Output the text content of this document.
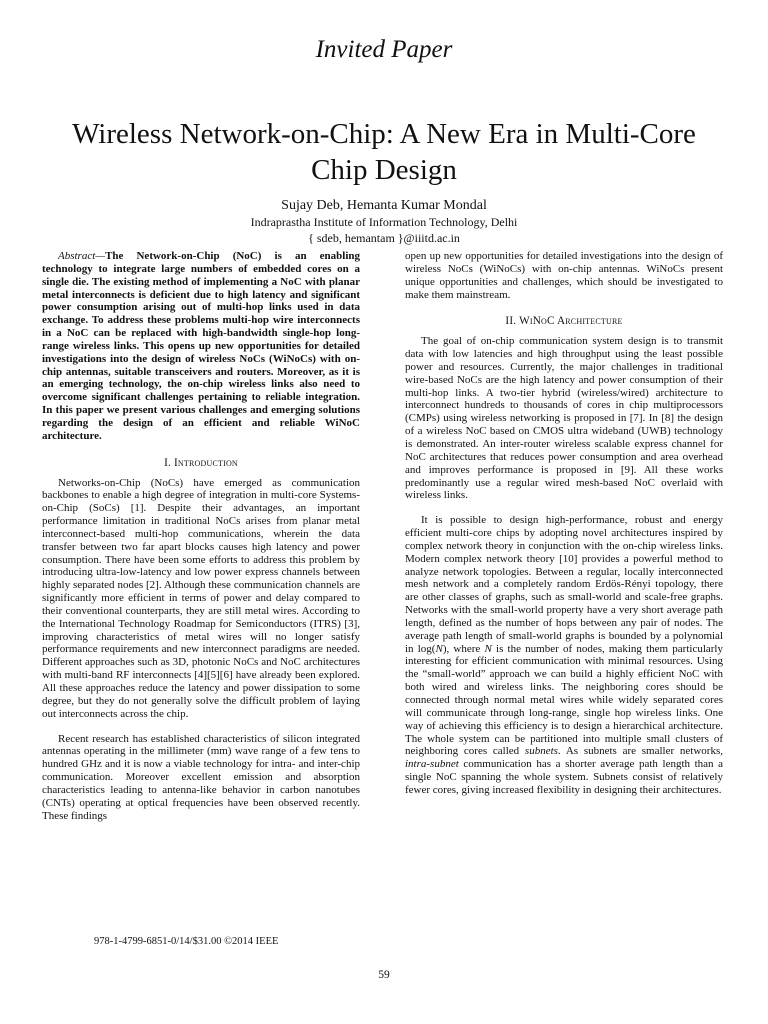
Invited Paper
Wireless Network-on-Chip: A New Era in Multi-Core Chip Design
Sujay Deb, Hemanta Kumar Mondal
Indraprastha Institute of Information Technology, Delhi
{ sdeb, hemantam }@iiitd.ac.in

Abstract—The Network-on-Chip (NoC) is an enabling technology to integrate large numbers of embedded cores on a single die. The existing method of implementing a NoC with planar metal interconnects is deficient due to high latency and significant power consumption arising out of multi-hop links used in data exchange. To address these problems multi-hop wire interconnects in a NoC can be replaced with high-bandwidth single-hop long-range wireless links. This opens up new opportunities for detailed investigations into the design of wireless NoCs (WiNoCs) with on-chip antennas, suitable transceivers and routers. Moreover, as it is an emerging technology, the on-chip wireless links also need to overcome significant challenges pertaining to reliable integration. In this paper we present various challenges and emerging solutions regarding the design of an efficient and reliable WiNoC architecture.

I. Introduction

Networks-on-Chip (NoCs) have emerged as communication backbones to enable a high degree of integration in multi-core Systems-on-Chip (SoCs) [1]. Despite their advantages, an important performance limitation in traditional NoCs arises from planar metal interconnect-based multi-hop communications, wherein the data transfer between two far apart blocks causes high latency and power consumption. There have been some efforts to address this problem by introducing ultra-low-latency and low power express channels between highly separated nodes [2]. Although these communication channels are significantly more efficient in terms of power and delay compared to their conventional counterparts, they are still metal wires. According to the International Technology Roadmap for Semiconductors (ITRS) [3], improving characteristics of metal wires will no longer satisfy performance requirements and new interconnect paradigms are needed. Different approaches such as 3D, photonic NoCs and NoC architectures with multi-band RF interconnects [4][5][6] have already been explored. All these approaches reduce the latency and power dissipation to some degree, but they do not generally solve the difficult problem of laying out interconnects across the chip.

Recent research has established characteristics of silicon integrated antennas operating in the millimeter (mm) wave range of a few tens to hundred GHz and it is now a viable technology for intra- and inter-chip communication. Moreover excellent emission and absorption characteristics leading to antenna-like behavior in carbon nanotubes (CNTs) operating at optical frequencies have been observed recently. These findings

open up new opportunities for detailed investigations into the design of wireless NoCs (WiNoCs) with on-chip antennas. WiNoCs present unique opportunities and challenges, which should be investigated to make them mainstream.

II. WiNoC Architecture

The goal of on-chip communication system design is to transmit data with low latencies and high throughput using the least possible power and resources. Currently, the major challenges in traditional wire-based NoCs are the high latency and power consumption of their multi-hop links. A two-tier hybrid (wireless/wired) architecture to interconnect hundreds to thousands of cores in chip multiprocessors (CMPs) using wireless networking is proposed in [7]. In [8] the design of a wireless NoC based on CMOS ultra wideband (UWB) technology is demonstrated. An inter-router wireless scalable express channel for NoC architectures that reduces power consumption and area overhead and improves performance is proposed in [9]. All these works predominantly use a regular wired mesh-based NoC overlaid with wireless links.

It is possible to design high-performance, robust and energy efficient multi-core chips by adopting novel architectures inspired by complex network theory in conjunction with the on-chip wireless links. Modern complex network theory [10] provides a powerful method to analyze network topologies. Between a regular, locally interconnected mesh network and a completely random Erdös-Rényi topology, there are other classes of graphs, such as small-world and scale-free graphs. Networks with the small-world property have a very short average path length, defined as the number of hops between any pair of nodes. The average path length of small-world graphs is bounded by a polynomial in log(N), where N is the number of nodes, making them particularly interesting for efficient communication with minimal resources. Using the “small-world” approach we can build a highly efficient NoC with both wired and wireless links. The neighboring cores should be connected through normal metal wires while widely separated cores will communicate through long-range, single hop wireless links. One way of achieving this efficiency is to design a hierarchical architecture. The whole system can be partitioned into multiple small clusters of neighboring cores called subnets. As subnets are smaller networks, intra-subnet communication has a shorter average path length than a single NoC spanning the whole system. Subnets consist of relatively fewer cores, giving increased flexibility in designing their architectures.

978-1-4799-6851-0/14/$31.00 ©2014 IEEE
59
